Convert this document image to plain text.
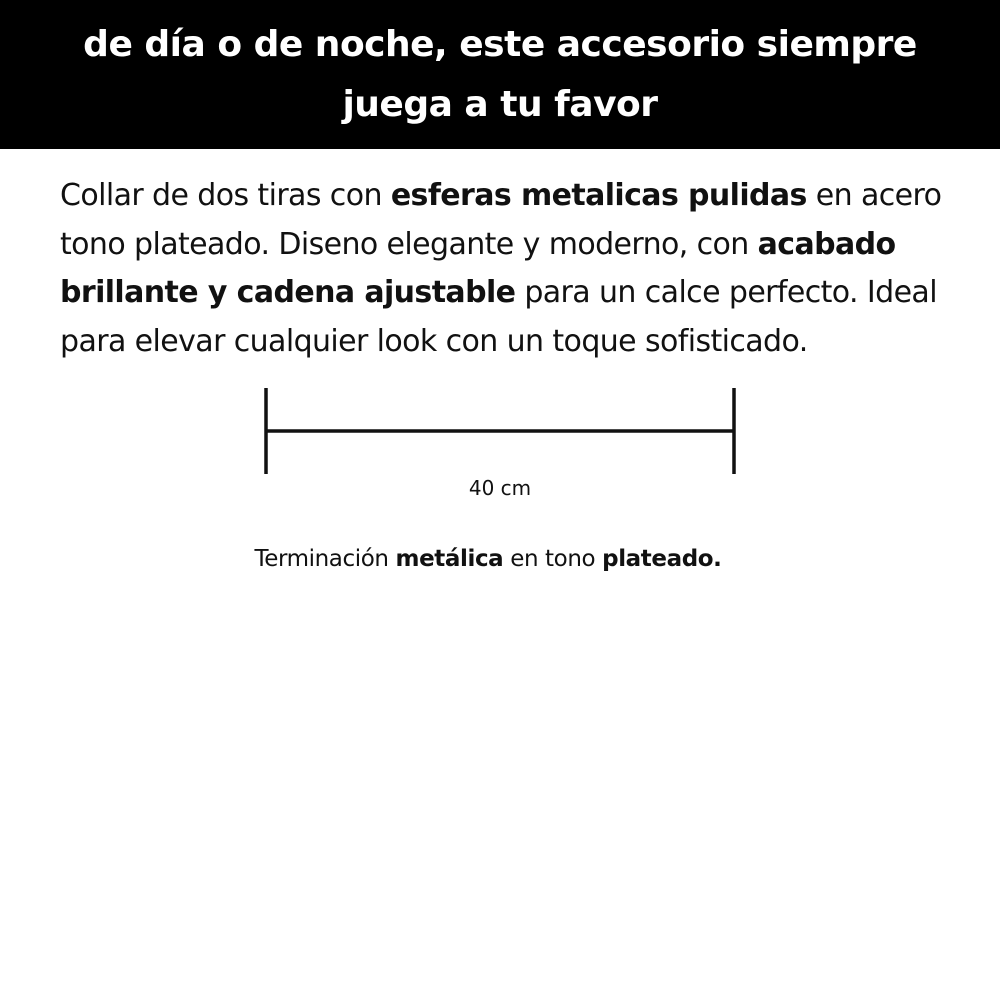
de día o de noche, este accesorio siempre
juega a tu favor

Collar de dos tiras con esferas metalicas pulidas en acero tono plateado. Diseno elegante y moderno, con acabado brillante y cadena ajustable para un calce perfecto. Ideal para elevar cualquier look con un toque sofisticado.

40 cm
Terminación metálica en tono plateado.
